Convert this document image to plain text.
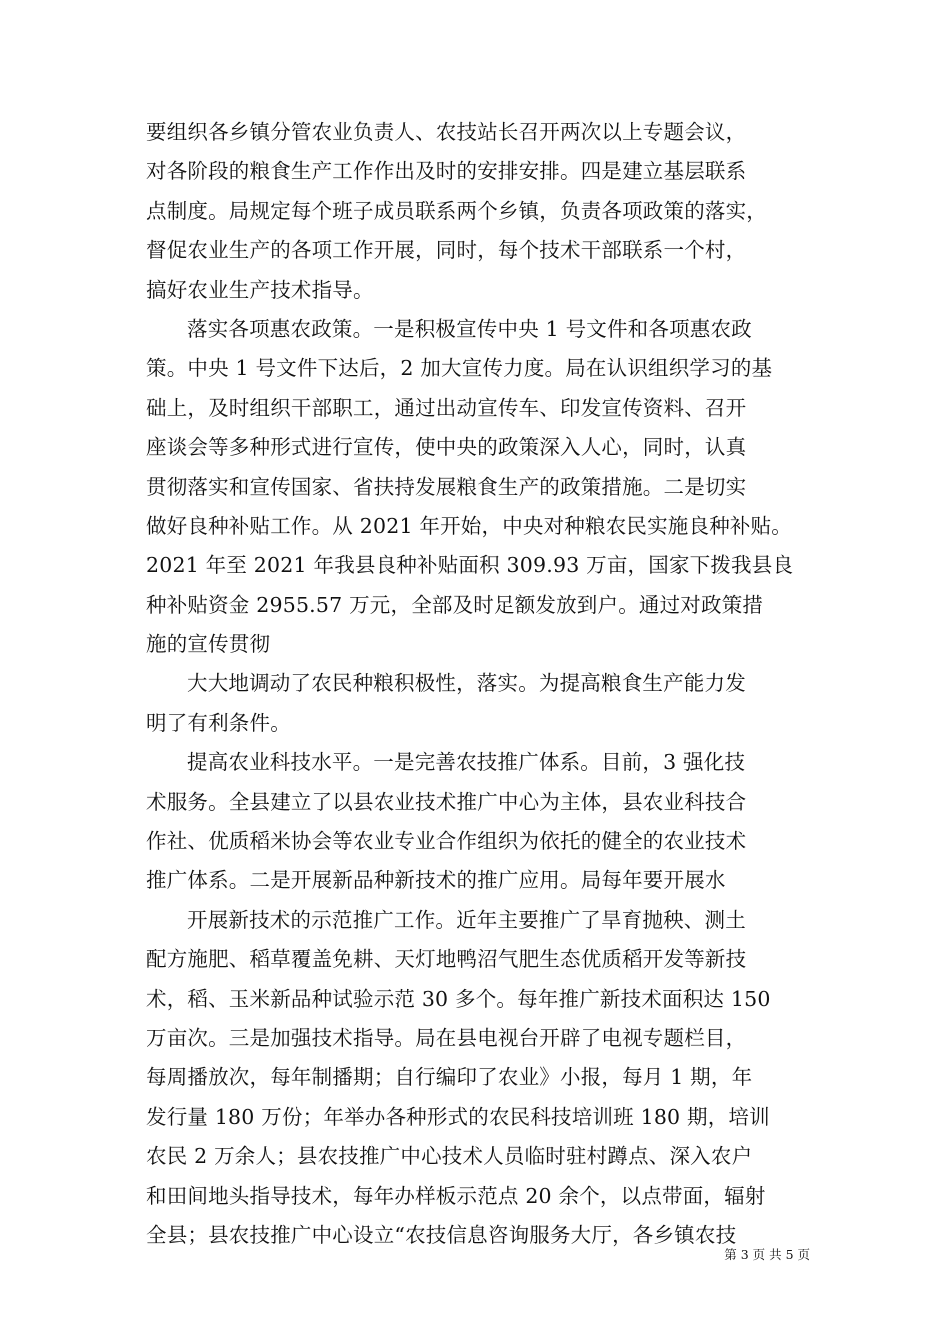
要组织各乡镇分管农业负责人、农技站长召开两次以上专题会议，
对各阶段的粮食生产工作作出及时的安排安排。四是建立基层联系
点制度。局规定每个班子成员联系两个乡镇，负责各项政策的落实，
督促农业生产的各项工作开展，同时，每个技术干部联系一个村，
搞好农业生产技术指导。
落实各项惠农政策。一是积极宣传中央 1 号文件和各项惠农政
策。中央 1 号文件下达后，2 加大宣传力度。局在认识组织学习的基
础上，及时组织干部职工，通过出动宣传车、印发宣传资料、召开
座谈会等多种形式进行宣传，使中央的政策深入人心，同时，认真
贯彻落实和宣传国家、省扶持发展粮食生产的政策措施。二是切实
做好良种补贴工作。从 2021 年开始，中央对种粮农民实施良种补贴。
2021 年至 2021 年我县良种补贴面积 309.93 万亩，国家下拨我县良
种补贴资金 2955.57 万元，全部及时足额发放到户。通过对政策措
施的宣传贯彻
大大地调动了农民种粮积极性，落实。为提高粮食生产能力发
明了有利条件。
提高农业科技水平。一是完善农技推广体系。目前，3 强化技
术服务。全县建立了以县农业技术推广中心为主体，县农业科技合
作社、优质稻米协会等农业专业合作组织为依托的健全的农业技术
推广体系。二是开展新品种新技术的推广应用。局每年要开展水
开展新技术的示范推广工作。近年主要推广了旱育抛秧、测土
配方施肥、稻草覆盖免耕、天灯地鸭沼气肥生态优质稻开发等新技
术，稻、玉米新品种试验示范 30 多个。每年推广新技术面积达 150
万亩次。三是加强技术指导。局在县电视台开辟了电视专题栏目，
每周播放次，每年制播期；自行编印了农业》小报，每月 1 期，年
发行量 180 万份；年举办各种形式的农民科技培训班 180 期，培训
农民 2 万余人；县农技推广中心技术人员临时驻村蹲点、深入农户
和田间地头指导技术，每年办样板示范点 20 余个，以点带面，辐射
全县；县农技推广中心设立“农技信息咨询服务大厅，各乡镇农技
第 3 页 共 5 页
